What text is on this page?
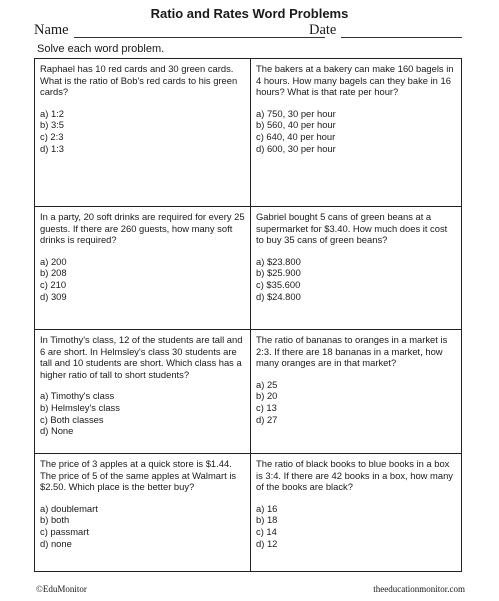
Ratio and Rates Word Problems
Name	Date
Solve each word problem.

Raphael has 10 red cards and 30 green cards. What is the ratio of Bob's red cards to his green cards?

a) 1:2
b) 3:5
c) 2:3
d) 1:3

The bakers at a bakery can make 160 bagels in 4 hours. How many bagels can they bake in 16 hours? What is that rate per hour?

a) 750, 30 per hour
b) 560, 40 per hour
c) 640, 40 per hour
d) 600, 30 per hour

In a party, 20 soft drinks are required for every 25 guests. If there are 260 guests, how many soft drinks is required?

a) 200
b) 208
c) 210
d) 309

Gabriel bought 5 cans of green beans at a supermarket for $3.40. How much does it cost to buy 35 cans of green beans?

a) $23.800
b) $25.900
c) $35.600
d) $24.800

In Timothy's class, 12 of the students are tall and 6 are short. In Helmsley's class 30 students are tall and 10 students are short. Which class has a higher ratio of tall to short students?

a) Timothy's class
b) Helmsley's class
c) Both classes
d) None

The ratio of bananas to oranges in a market is 2:3. If there are 18 bananas in a market, how many oranges are in that market?

a) 25
b) 20
c) 13
d) 27

The price of 3 apples at a quick store is $1.44. The price of 5 of the same apples at Walmart is $2.50. Which place is the better buy?

a) doublemart
b) both
c) passmart
d) none

The ratio of black books to blue books in a box is 3:4. If there are 42 books in a box, how many of the books are black?

a) 16
b) 18
c) 14
d) 12
©EduMonitor	theeducationmonitor.com
